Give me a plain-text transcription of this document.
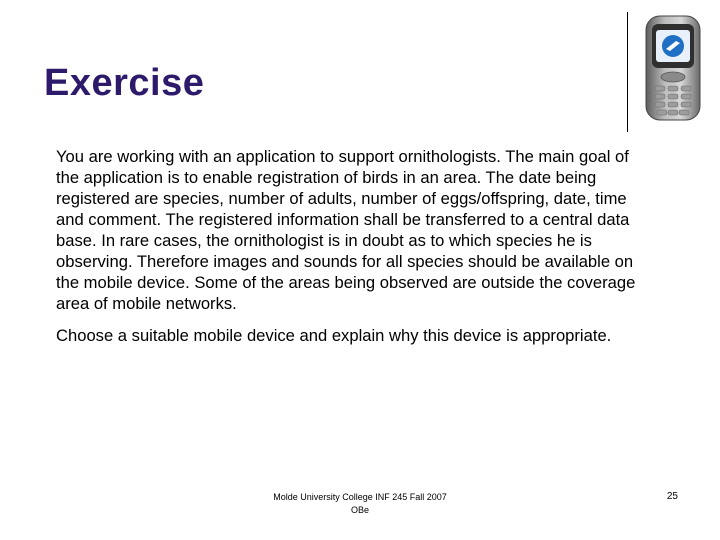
Exercise

You are working with an application to support ornithologists. The main goal of the application is to enable registration of birds in an area. The date being registered are species, number of adults, number of eggs/offspring, date, time and comment. The registered information shall be transferred to a central data base. In rare cases, the ornithologist is in doubt as to which species he is observing. Therefore images and sounds for all species should be available on the mobile device. Some of the areas being observed are outside the coverage area of mobile networks.

Choose a suitable mobile device and explain why this device is appropriate.

Molde University College INF 245 Fall 2007
OBe
25
